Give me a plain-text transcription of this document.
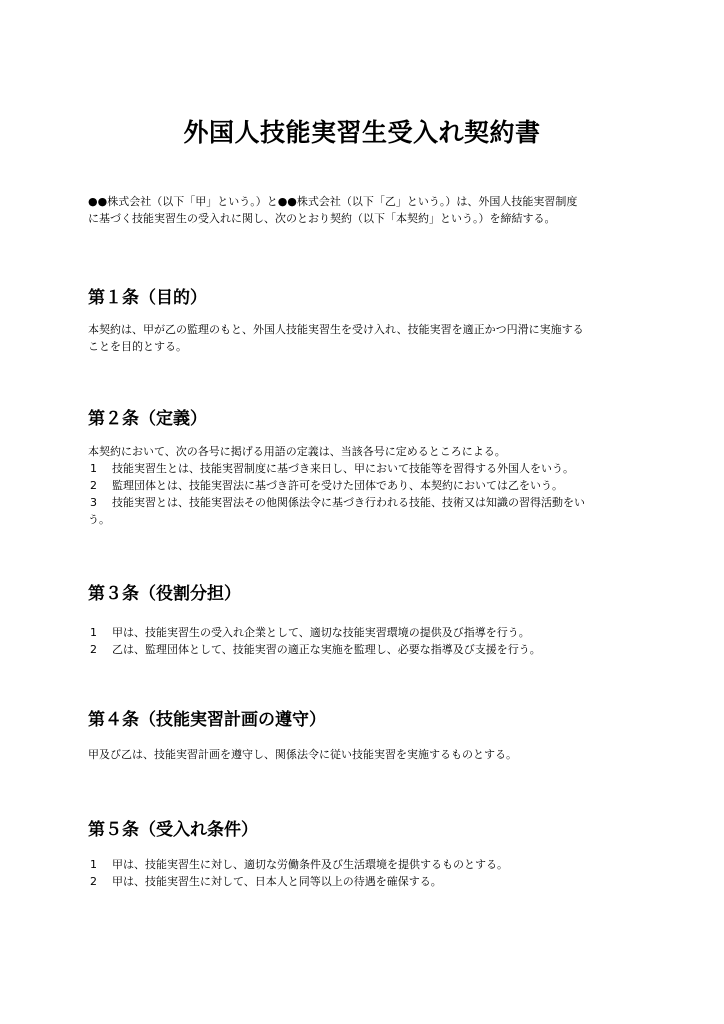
外国人技能実習生受入れ契約書

●●株式会社（以下「甲」という。）と●●株式会社（以下「乙」という。）は、外国人技能実習制度

に基づく技能実習生の受入れに関し、次のとおり契約（以下「本契約」という。）を締結する。

第１条（目的）

本契約は、甲が乙の監理のもと、外国人技能実習生を受け入れ、技能実習を適正かつ円滑に実施する

ことを目的とする。

第２条（定義）

本契約において、次の各号に掲げる用語の定義は、当該各号に定めるところによる。

1	技能実習生とは、技能実習制度に基づき来日し、甲において技能等を習得する外国人をいう。
2	監理団体とは、技能実習法に基づき許可を受けた団体であり、本契約においては乙をいう。
3	技能実習とは、技能実習法その他関係法令に基づき行われる技能、技術又は知識の習得活動をい
う。
第３条（役割分担）
1	甲は、技能実習生の受入れ企業として、適切な技能実習環境の提供及び指導を行う。
2	乙は、監理団体として、技能実習の適正な実施を監理し、必要な指導及び支援を行う。
第４条（技能実習計画の遵守）

甲及び乙は、技能実習計画を遵守し、関係法令に従い技能実習を実施するものとする。

第５条（受入れ条件）
1	甲は、技能実習生に対し、適切な労働条件及び生活環境を提供するものとする。
2	甲は、技能実習生に対して、日本人と同等以上の待遇を確保する。
